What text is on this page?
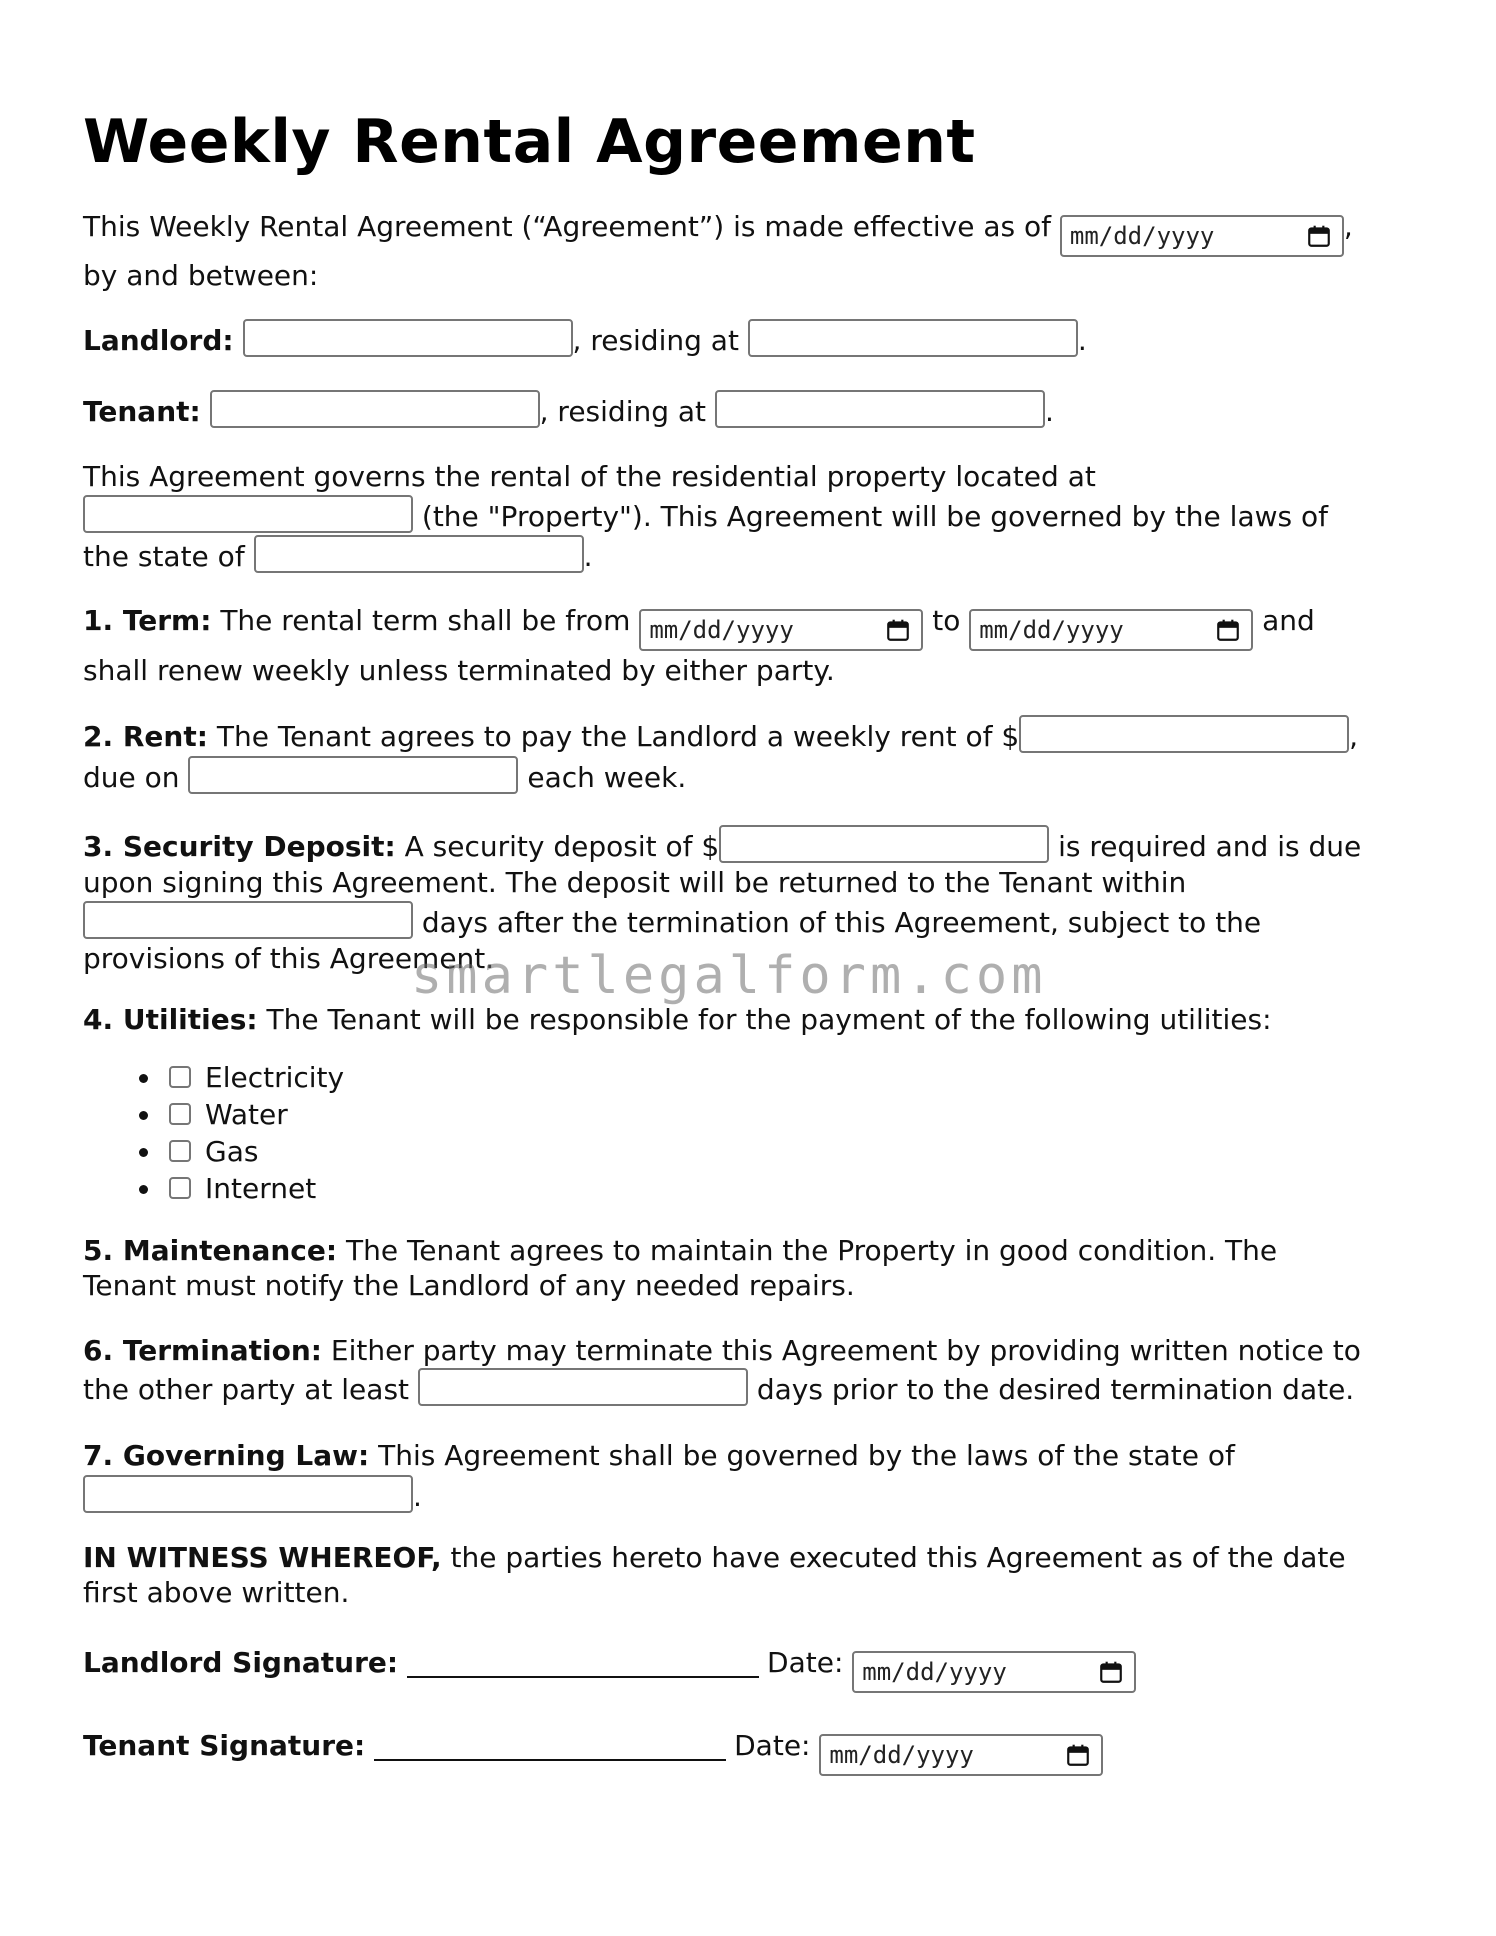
Weekly Rental Agreement

This Weekly Rental Agreement (“Agreement”) is made effective as of mm/dd/yyyy	,
by and between:

Landlord:	, residing at	.

Tenant:	, residing at	.

This Agreement governs the rental of the residential property located at
(the "Property"). This Agreement will be governed by the laws of
the state of	.

1. Term: The rental term shall be from mm/dd/yyyy	to mm/dd/yyyy	and
shall renew weekly unless terminated by either party.

2. Rent: The Tenant agrees to pay the Landlord a weekly rent of $	,
due on	each week.

3. Security Deposit: A security deposit of $	is required and is due
upon signing this Agreement. The deposit will be returned to the Tenant within
days after the termination of this Agreement, subject to the
provisions of this Agreement.

4. Utilities: The Tenant will be responsible for the payment of the following utilities:

• Electricity
• Water
• Gas
• Internet

5. Maintenance: The Tenant agrees to maintain the Property in good condition. The
Tenant must notify the Landlord of any needed repairs.

6. Termination: Either party may terminate this Agreement by providing written notice to
the other party at least	days prior to the desired termination date.

7. Governing Law: This Agreement shall be governed by the laws of the state of
.

IN WITNESS WHEREOF, the parties hereto have executed this Agreement as of the date
first above written.

Landlord Signature:	Date: mm/dd/yyyy

Tenant Signature:	Date: mm/dd/yyyy

smartlegalform.com
